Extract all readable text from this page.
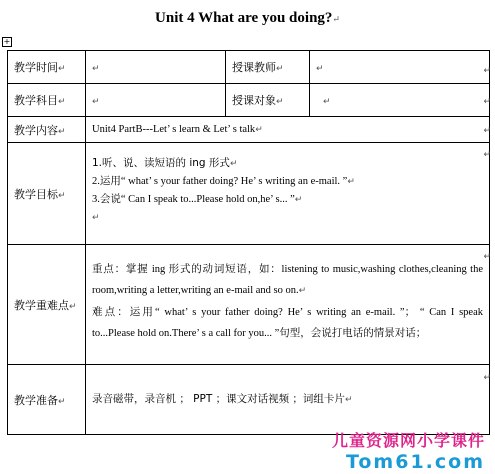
Unit 4 What are you doing?↵
+
教学时间↵	↵	授课教师↵	↵
教学科目↵	↵	授课对象↵	↵
教学内容↵	Unit4 PartB---Let’ s learn & Let’ s talk↵		
教学目标↵	1.听、说、读短语的 ing 形式↵
2.运用“ what’ s your father doing? He’ s writing an e-mail. ”↵
3.会说“ Can I speak to...Please hold on,he’ s... ”↵
↵		

教学重难点↵	重点：掌握 ing 形式的动词短语，如：listening to music,washing clothes,cleaning the room,writing a letter,writing an e-mail and so on.↵
难点：运用“ what’ s your father doing? He’ s writing an e-mail. ”； “ Can I speak to...Please hold on.There’ s a call for you... ”句型，会说打电话的情景对话；		

教学准备↵	录音磁带，录音机 ； PPT ；课文对话视频 ；词组卡片↵		
↵
↵
↵
↵
↵
↵
儿童资源网小学课件
Tom61.com
